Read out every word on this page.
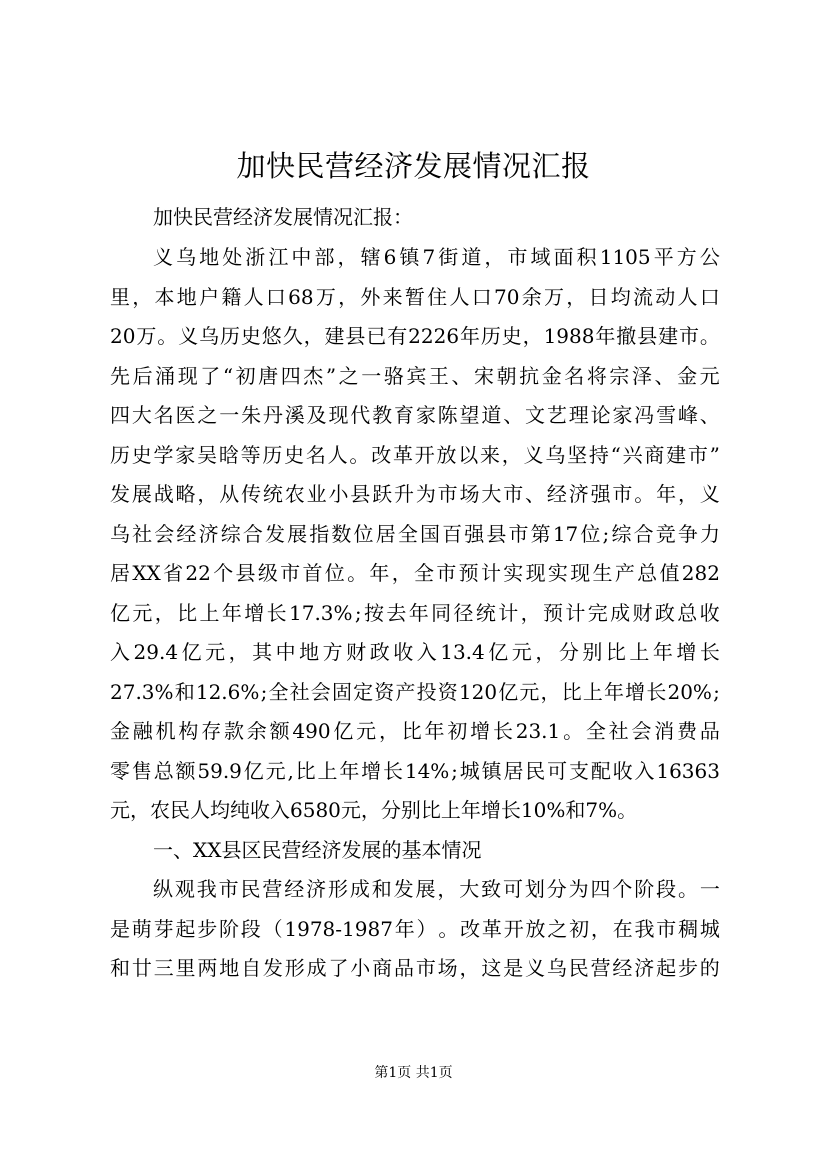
加快民营经济发展情况汇报

加快民营经济发展情况汇报：

义 乌 地 处 浙 江 中 部 ， 辖 6 镇 7 街 道 ， 市 域 面 积 1105 平 方 公
里 ， 本 地 户 籍 人 口 68 万 ， 外 来 暂 住 人 口 70 余 万 ， 日 均 流 动 人 口
20 万 。 义 乌 历 史 悠 久 ， 建 县 已 有 2226 年 历 史 ， 1988 年 撤 县 建 市 。
先 后 涌 现 了 “ 初 唐 四 杰 ” 之 一 骆 宾 王 、 宋 朝 抗 金 名 将 宗 泽 、 金 元
四 大 名 医 之 一 朱 丹 溪 及 现 代 教 育 家 陈 望 道 、 文 艺 理 论 家 冯 雪 峰 、
历 史 学 家 吴 晗 等 历 史 名 人 。 改 革 开 放 以 来 ， 义 乌 坚 持 “ 兴 商 建 市 ”
发 展 战 略 ， 从 传 统 农 业 小 县 跃 升 为 市 场 大 市 、 经 济 强 市 。 年 ， 义
乌 社 会 经 济 综 合 发 展 指 数 位 居 全 国 百 强 县 市 第 17 位 ; 综 合 竞 争 力
居 XX 省 22 个 县 级 市 首 位 。 年 ， 全 市 预 计 实 现 实 现 生 产 总 值 282
亿 元 ， 比 上 年 增 长 17.3% ; 按 去 年 同 径 统 计 ， 预 计 完 成 财 政 总 收
入 29.4 亿 元 ， 其 中 地 方 财 政 收 入 13.4 亿 元 ， 分 别 比 上 年 增 长
27.3% 和 12.6% ; 全 社 会 固 定 资 产 投 资 120 亿 元 ， 比 上 年 增 长 20% ;
金 融 机 构 存 款 余 额 490 亿 元 ， 比 年 初 增 长 23.1 。 全 社 会 消 费 品
零 售 总 额 59.9 亿 元 , 比 上 年 增 长 14% ; 城 镇 居 民 可 支 配 收 入 16363
元，农民人均纯收入6580元，分别比上年增长10%和7%。
一、XX县区民营经济发展的基本情况
纵 观 我 市 民 营 经 济 形 成 和 发 展 ， 大 致 可 划 分 为 四 个 阶 段 。 一
是 萌 芽 起 步 阶 段 （ 1978-1987 年 ） 。 改 革 开 放 之 初 ， 在 我 市 稠 城
和 廿 三 里 两 地 自 发 形 成 了 小 商 品 市 场 ， 这 是 义 乌 民 营 经 济 起 步 的

第1页 共1页
